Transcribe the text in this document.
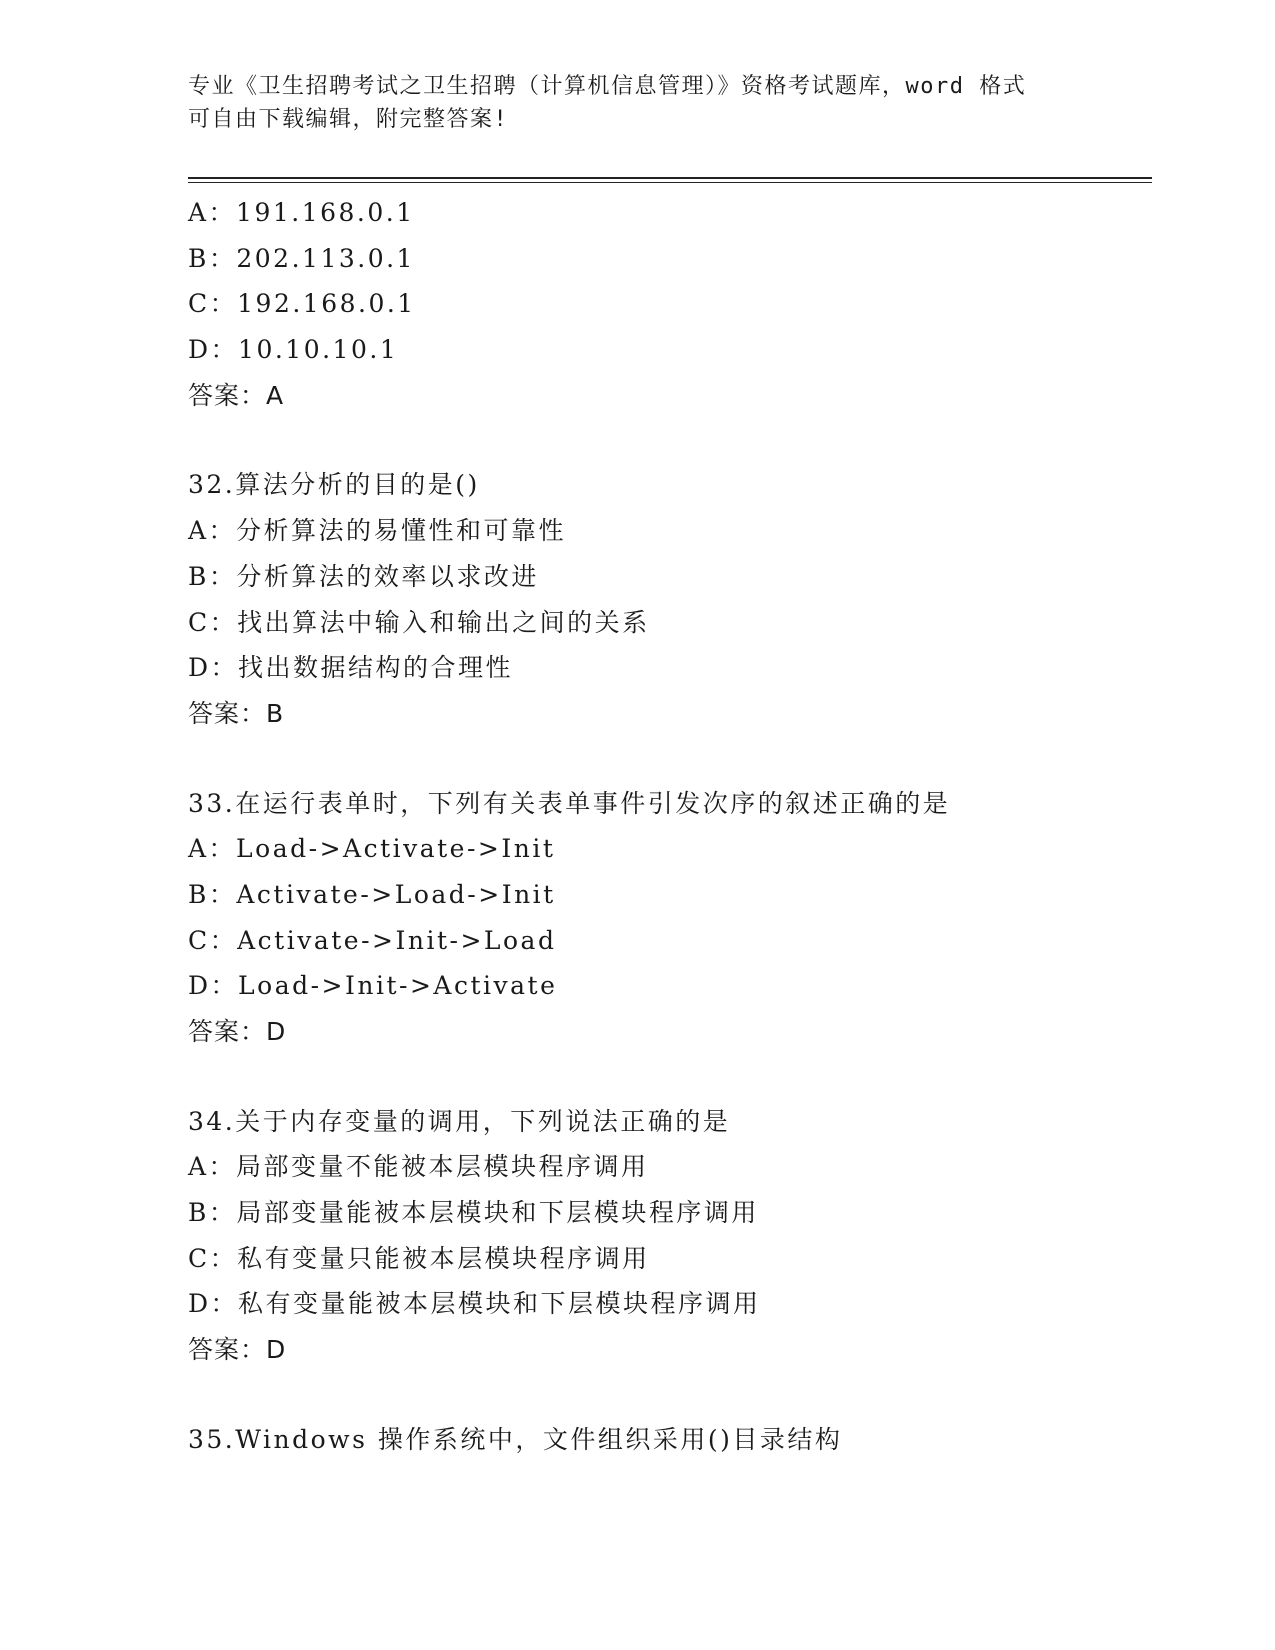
专业《卫生招聘考试之卫生招聘（计算机信息管理）》资格考试题库，word 格式
可自由下载编辑，附完整答案!
A：191.168.0.1
B：202.113.0.1
C：192.168.0.1
D：10.10.10.1
答案：A
32.算法分析的目的是()
A：分析算法的易懂性和可靠性
B：分析算法的效率以求改进
C：找出算法中输入和输出之间的关系
D：找出数据结构的合理性
答案：B
33.在运行表单时，下列有关表单事件引发次序的叙述正确的是
A：Load->Activate->Init
B：Activate->Load->Init
C：Activate->Init->Load
D：Load->Init->Activate
答案：D
34.关于内存变量的调用，下列说法正确的是
A：局部变量不能被本层模块程序调用
B：局部变量能被本层模块和下层模块程序调用
C：私有变量只能被本层模块程序调用
D：私有变量能被本层模块和下层模块程序调用
答案：D
35.Windows 操作系统中，文件组织采用()目录结构
